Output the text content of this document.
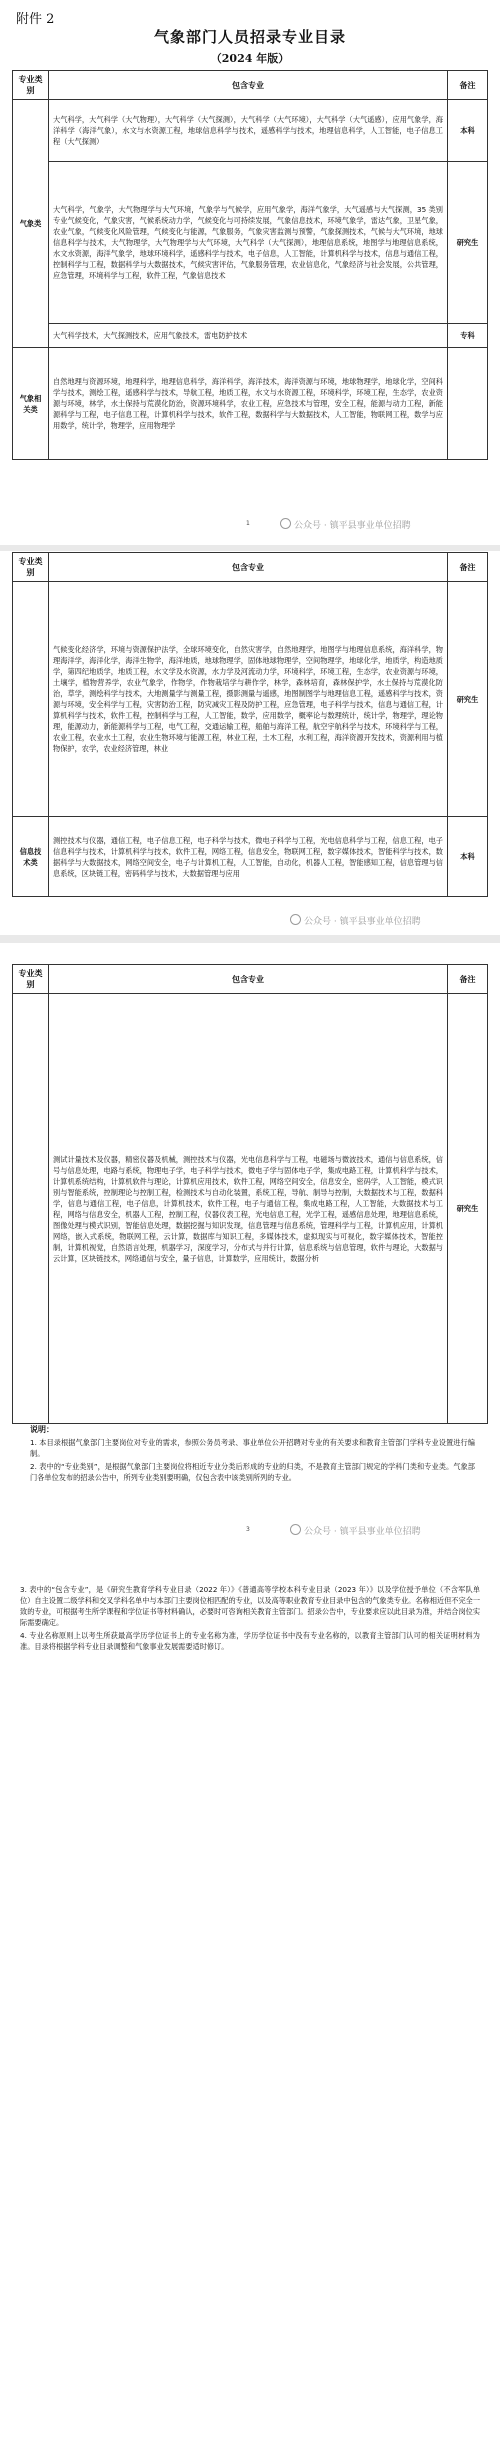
附件 2
气象部门人员招录专业目录
（2024 年版）
专业类别	包含专业	备注
气象类	大气科学，大气科学（大气物理），大气科学（大气探测），大气科学（大气环境），大气科学（大气遥感），应用气象学，海洋科学（海洋气象），水文与水资源工程，地球信息科学与技术，遥感科学与技术，地理信息科学，人工智能，电子信息工程（大气探测）	本科
	大气科学，气象学，大气物理学与大气环境，气象学与气候学，应用气象学，海洋气象学，大气遥感与大气探测，35 类别专业气候变化，气象灾害，气候系统动力学，气候变化与可持续发展，气象信息技术，环境气象学，雷达气象，卫星气象，农业气象，气候变化风险管理，气候变化与能源，气象服务，气象灾害监测与预警，气象探测技术，气候与大气环境，地球信息科学与技术，大气物理学，大气物理学与大气环境，大气科学（大气探测），地理信息系统，地图学与地理信息系统，水文水资源，海洋气象学，地球环境科学，遥感科学与技术，电子信息，人工智能，计算机科学与技术，信息与通信工程，控制科学与工程，数据科学与大数据技术，气候灾害评估，气象服务管理，农业信息化，气象经济与社会发展，公共管理，应急管理，环境科学与工程，软件工程，气象信息技术	研究生
	大气科学技术，大气探测技术，应用气象技术，雷电防护技术	专科
气象相关类	自然地理与资源环境，地理科学，地理信息科学，海洋科学，海洋技术，海洋资源与环境，地球物理学，地球化学，空间科学与技术，测绘工程，遥感科学与技术，导航工程，地质工程，水文与水资源工程，环境科学，环境工程，生态学，农业资源与环境，林学，水土保持与荒漠化防治，资源环境科学，农业工程，应急技术与管理，安全工程，能源与动力工程，新能源科学与工程，电子信息工程，计算机科学与技术，软件工程，数据科学与大数据技术，人工智能，物联网工程，数学与应用数学，统计学，物理学，应用物理学	
1	公众号 · 镇平县事业单位招聘
专业类别	包含专业	备注
	气候变化经济学，环境与资源保护法学，全球环境变化，自然灾害学，自然地理学，地图学与地理信息系统，海洋科学，物理海洋学，海洋化学，海洋生物学，海洋地质，地球物理学，固体地球物理学，空间物理学，地球化学，地质学，构造地质学，第四纪地质学，地质工程，水文学及水资源，水力学及河流动力学，环境科学，环境工程，生态学，农业资源与环境，土壤学，植物营养学，农业气象学，作物学，作物栽培学与耕作学，林学，森林培育，森林保护学，水土保持与荒漠化防治，草学，测绘科学与技术，大地测量学与测量工程，摄影测量与遥感，地图制图学与地理信息工程，遥感科学与技术，资源与环境，安全科学与工程，灾害防治工程，防灾减灾工程及防护工程，应急管理，电子科学与技术，信息与通信工程，计算机科学与技术，软件工程，控制科学与工程，人工智能，数学，应用数学，概率论与数理统计，统计学，物理学，理论物理，能源动力，新能源科学与工程，电气工程，交通运输工程，船舶与海洋工程，航空宇航科学与技术，环境科学与工程，农业工程，农业水土工程，农业生物环境与能源工程，林业工程，土木工程，水利工程，海洋资源开发技术，资源利用与植物保护，农学，农业经济管理，林业	研究生
信息技术类	测控技术与仪器，通信工程，电子信息工程，电子科学与技术，微电子科学与工程，光电信息科学与工程，信息工程，电子信息科学与技术，计算机科学与技术，软件工程，网络工程，信息安全，物联网工程，数字媒体技术，智能科学与技术，数据科学与大数据技术，网络空间安全，电子与计算机工程，人工智能，自动化，机器人工程，智能感知工程，信息管理与信息系统，区块链工程，密码科学与技术，大数据管理与应用	本科
公众号 · 镇平县事业单位招聘
专业类别	包含专业	备注
	测试计量技术及仪器，精密仪器及机械，测控技术与仪器，光电信息科学与工程，电磁场与微波技术，通信与信息系统，信号与信息处理，电路与系统，物理电子学，电子科学与技术，微电子学与固体电子学，集成电路工程，计算机科学与技术，计算机系统结构，计算机软件与理论，计算机应用技术，软件工程，网络空间安全，信息安全，密码学，人工智能，模式识别与智能系统，控制理论与控制工程，检测技术与自动化装置，系统工程，导航、制导与控制，大数据技术与工程，数据科学，信息与通信工程，电子信息，计算机技术，软件工程，电子与通信工程，集成电路工程，人工智能，大数据技术与工程，网络与信息安全，机器人工程，控制工程，仪器仪表工程，光电信息工程，光学工程，遥感信息处理，地理信息系统，图像处理与模式识别，智能信息处理，数据挖掘与知识发现，信息管理与信息系统，管理科学与工程，计算机应用，计算机网络，嵌入式系统，物联网工程，云计算，数据库与知识工程，多媒体技术，虚拟现实与可视化，数字媒体技术，智能控制，计算机视觉，自然语言处理，机器学习，深度学习，分布式与并行计算，信息系统与信息管理，软件与理论，大数据与云计算，区块链技术，网络通信与安全，量子信息，计算数学，应用统计，数据分析	研究生
说明：

1. 本目录根据气象部门主要岗位对专业的需求，参照公务员考录、事业单位公开招聘对专业的有关要求和教育主管部门学科专业设置进行编制。

2. 表中的“专业类别”，是根据气象部门主要岗位将相近专业分类后形成的专业的归类，不是教育主管部门规定的学科门类和专业类。气象部门各单位发布的招录公告中，所列专业类别要明确，仅包含表中该类别所列的专业。

3	公众号 · 镇平县事业单位招聘

3. 表中的“包含专业”，是《研究生教育学科专业目录（2022 年）》《普通高等学校本科专业目录（2023 年）》以及学位授予单位（不含军队单位）自主设置二级学科和交叉学科名单中与本部门主要岗位相匹配的专业，以及高等职业教育专业目录中包含的气象类专业。名称相近但不完全一致的专业，可根据考生所学课程和学位证书等材料确认，必要时可咨询相关教育主管部门。招录公告中，专业要求应以此目录为准，并结合岗位实际需要确定。

4. 专业名称原则上以考生所获最高学历学位证书上的专业名称为准，学历学位证书中没有专业名称的，以教育主管部门认可的相关证明材料为准。目录将根据学科专业目录调整和气象事业发展需要适时修订。
